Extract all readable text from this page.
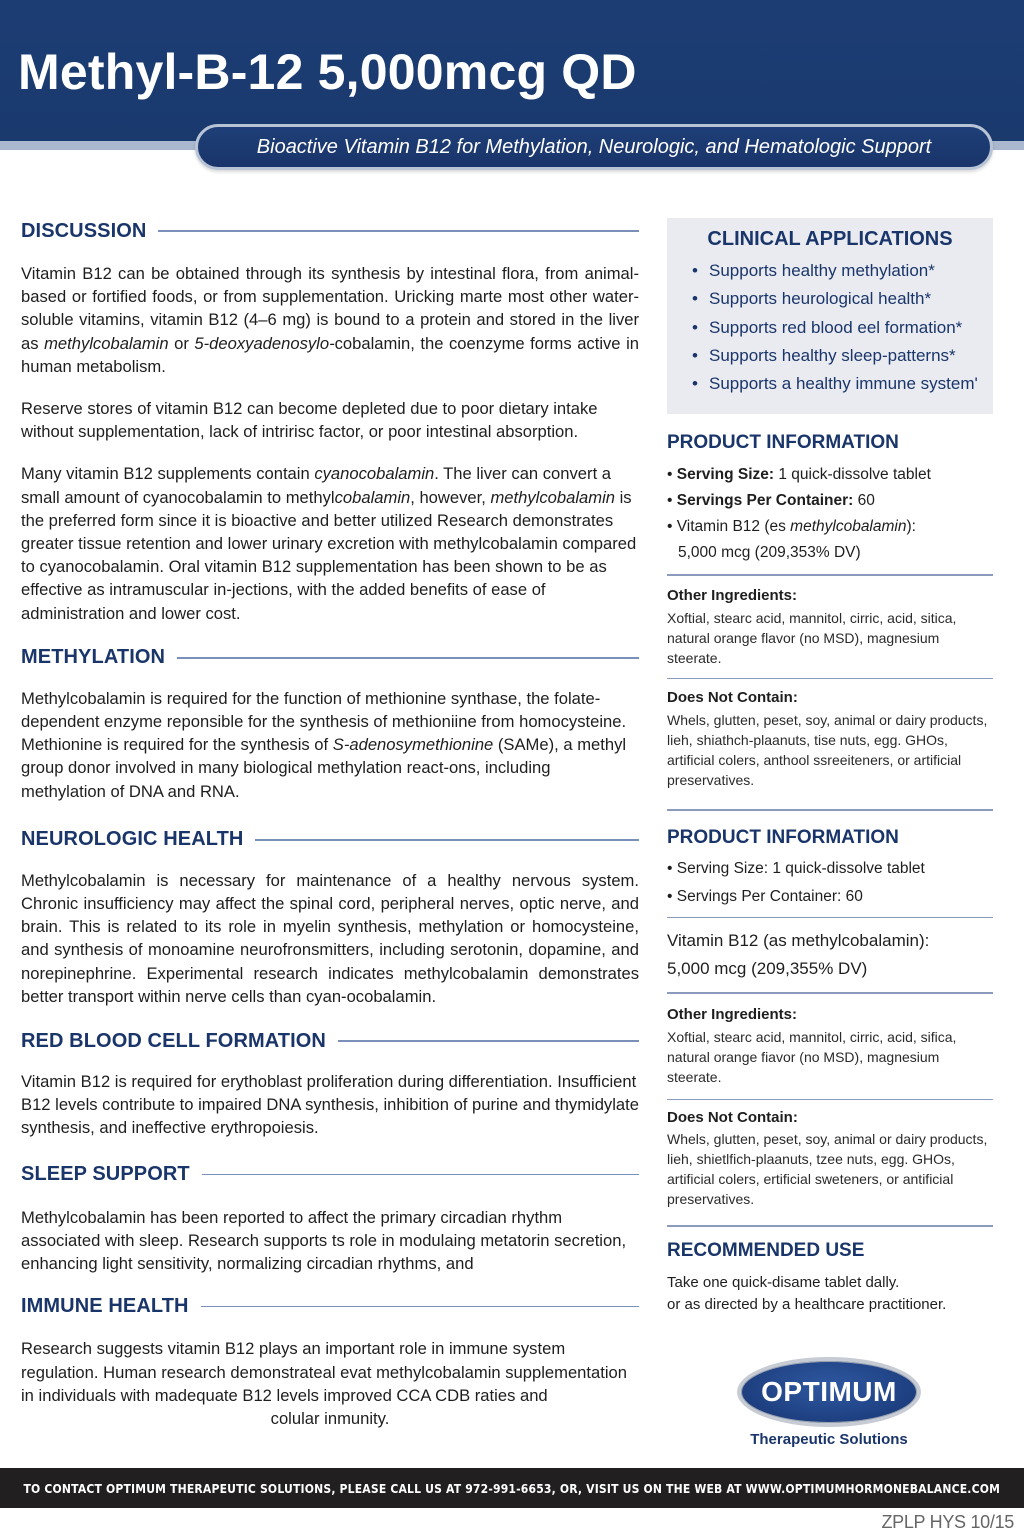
Methyl-B-12 5,000mcg QD
Bioactive Vitamin B12 for Methylation, Neurologic, and Hematologic Support
DISCUSSION

Vitamin B12 can be obtained through its synthesis by intestinal flora, from animal-based or fortified foods, or from supplementation. Uricking marte most other water-soluble vitamins, vitamin B12 (4–6 mg) is bound to a protein and stored in the liver as methylcobalamin or 5-deoxyadenosylo-cobalamin, the coenzyme forms active in human metabolism.

Reserve stores of vitamin B12 can become depleted due to poor dietary intake without supplementation, lack of intririsc factor, or poor intestinal absorption.

Many vitamin B12 supplements contain cyanocobalamin. The liver can convert a small amount of cyanocobalamin to methylcobalamin, however, methylcobalamin is the preferred form since it is bioactive and better utilized Research demonstrates greater tissue retention and lower urinary excretion with methylcobalamin compared to cyanocobalamin. Oral vitamin B12 supplementation has been shown to be as effective as intramuscular in-jections, with the added benefits of ease of administration and lower cost.

METHYLATION

Methylcobalamin is required for the function of methionine synthase, the folate-dependent enzyme reponsible for the synthesis of methioniine from homocysteine. Methionine is required for the synthesis of S-adenosymethionine (SAMe), a methyl group donor involved in many biological methylation react-ons, including methylation of DNA and RNA.

NEUROLOGIC HEALTH

Methylcobalamin is necessary for maintenance of a healthy nervous system. Chronic insufficiency may affect the spinal cord, peripheral nerves, optic nerve, and brain. This is related to its role in myelin synthesis, methylation or homocysteine, and synthesis of monoamine neurofronsmitters, including serotonin, dopamine, and norepinephrine. Experimental research indicates methylcobalamin demonstrates better transport within nerve cells than cyan-ocobalamin.

RED BLOOD CELL FORMATION

Vitamin B12 is required for erythoblast proliferation during differentiation. Insufficient B12 levels contribute to impaired DNA synthesis, inhibition of purine and thymidylate synthesis, and ineffective erythropoiesis.

SLEEP SUPPORT

Methylcobalamin has been reported to affect the primary circadian rhythm associated with sleep. Research supports ts role in modulaing metatorin secretion, enhancing light sensitivity, normalizing circadian rhythms, and

IMMUNE HEALTH

Research suggests vitamin B12 plays an important role in immune system regulation. Human research demonstrateal evat methylcobalamin supplementation in individuals with madequate B12 levels improved CCA CDB raties and

colular inmunity.

CLINICAL APPLICATIONS
• Supports healthy methylation*
• Supports heurological health*
• Supports red blood eel formation*
• Supports healthy sleep-patterns*
• Supports a healthy immune system'
PRODUCT INFORMATION
• Serving Size: 1 quick-dissolve tablet
• Servings Per Container: 60
• Vitamin B12 (es methylcobalamin):
5,000 mcg (209,353% DV)
Other Ingredients:
Xoftial, stearc acid, mannitol, cirric, acid, sitica, natural orange flavor (no MSD), magnesium steerate.
Does Not Contain:
Whels, glutten, peset, soy, animal or dairy products, lieh, shiathch-plaanuts, tise nuts, egg. GHOs, artificial colers, anthool ssreeiteners, or artificial preservatives.
PRODUCT INFORMATION
• Serving Size: 1 quick-dissolve tablet
• Servings Per Container: 60
Vitamin B12 (as methylcobalamin):
5,000 mcg (209,355% DV)
Other Ingredients:
Xoftial, stearc acid, mannitol, cirric, acid, sifica, natural orange fiavor (no MSD), magnesium steerate.
Does Not Contain:
Whels, glutten, peset, soy, animal or dairy products, lieh, shietlfich-plaanuts, tzee nuts, egg. GHOs, artificial colers, ertificial sweteners, or antificial preservatives.
RECOMMENDED USE
Take one quick-disame tablet dally.
or as directed by a healthcare practitioner.
OPTIMUM
Therapeutic Solutions
TO CONTACT OPTIMUM THERAPEUTIC SOLUTIONS, PLEASE CALL US AT 972-991-6653, OR, VISIT US ON THE WEB AT WWW.OPTIMUMHORMONEBALANCE.COM
ZPLP HYS 10/15
